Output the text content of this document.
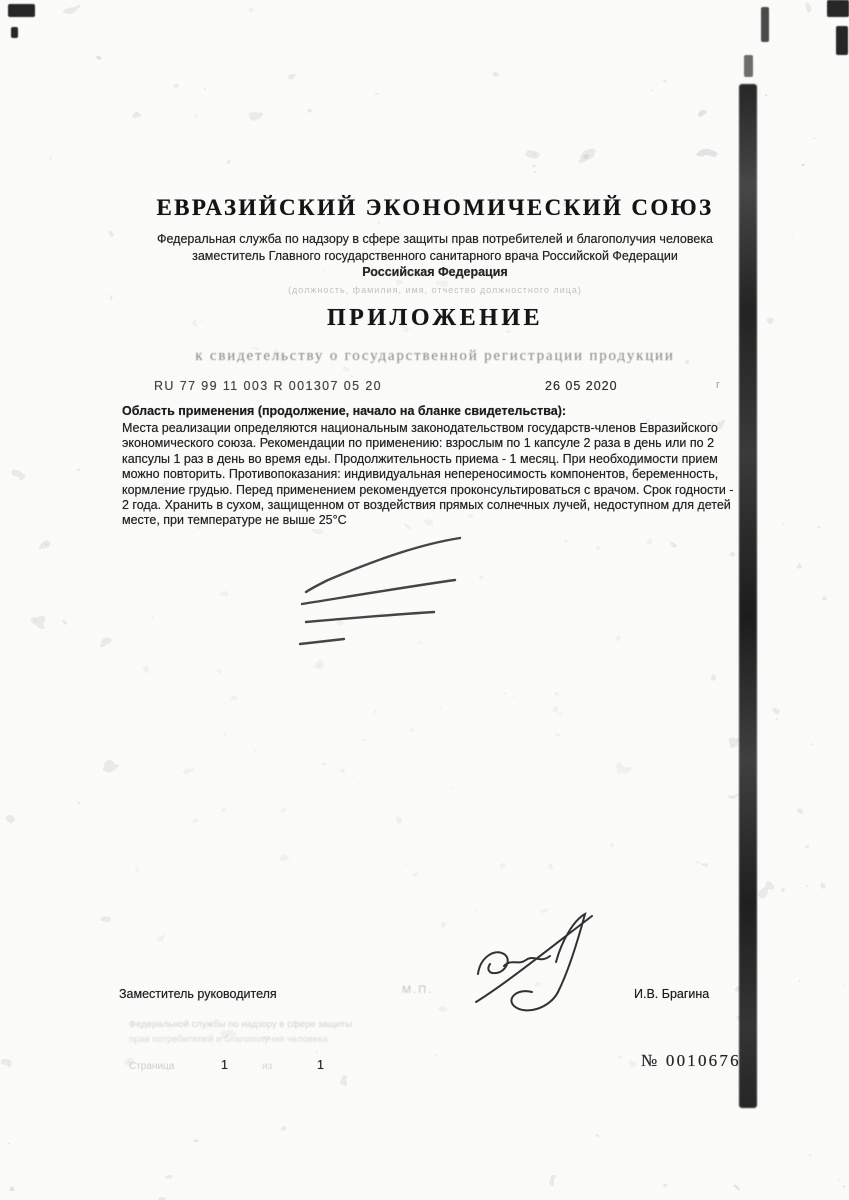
ЕВРАЗИЙСКИЙ ЭКОНОМИЧЕСКИЙ СОЮЗ
Федеральная служба по надзору в сфере защиты прав потребителей и благополучия человека
заместитель Главного государственного санитарного врача Российской Федерации
Российская Федерация
(должность, фамилия, имя, отчество должностного лица)
ПРИЛОЖЕНИЕ
к свидетельству о государственной регистрации продукции
RU 77 99 11 003 R 001307 05 20	26 05 2020	г
Область применения (продолжение, начало на бланке свидетельства):
Места реализации определяются национальным законодательством государств-членов Евразийского экономического союза. Рекомендации по применению: взрослым по 1 капсуле 2 раза в день или по 2 капсулы 1 раз в день во время еды. Продолжительность приема - 1 месяц. При необходимости прием можно повторить. Противопоказания: индивидуальная непереносимость компонентов, беременность, кормление грудью. Перед применением рекомендуется проконсультироваться с врачом. Срок годности - 2 года. Хранить в сухом, защищенном от воздействия прямых солнечных лучей, недоступном для детей месте, при температуре не выше 25°С
Заместитель руководителя	М.П.	И.В. Брагина
Федеральной службы по надзору в сфере защиты
прав потребителей и благополучия человека
Страница	1	из	1	№ 0010676
